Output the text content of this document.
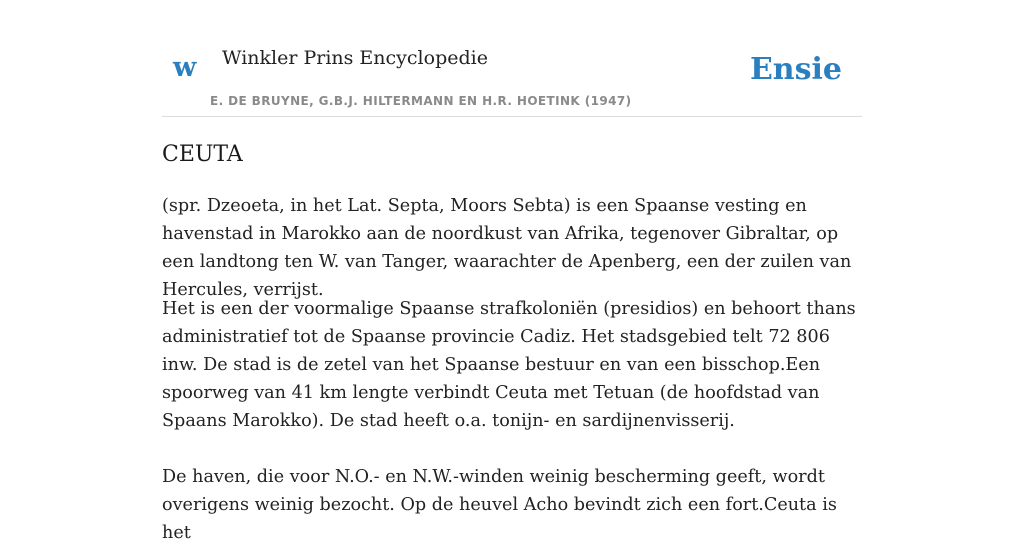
w Winkler Prins Encyclopedie
E. DE BRUYNE, G.B.J. HILTERMANN EN H.R. HOETINK (1947)
Ensie
CEUTA

(spr. Dzeoeta, in het Lat. Septa, Moors Sebta) is een Spaanse vesting en havenstad in Marokko aan de noordkust van Afrika, tegenover Gibraltar, op een landtong ten W. van Tanger, waarachter de Apenberg, een der zuilen van Hercules, verrijst.

Het is een der voormalige Spaanse strafkoloniën (presidios) en behoort thans administratief tot de Spaanse provincie Cadiz. Het stadsgebied telt 72 806 inw. De stad is de zetel van het Spaanse bestuur en van een bisschop.Een spoorweg van 41 km lengte verbindt Ceuta met Tetuan (de hoofdstad van Spaans Marokko). De stad heeft o.a. tonijn- en sardijnenvisserij.

De haven, die voor N.O.- en N.W.-winden weinig bescherming geeft, wordt overigens weinig bezocht. Op de heuvel Acho bevindt zich een fort.Ceuta is het
